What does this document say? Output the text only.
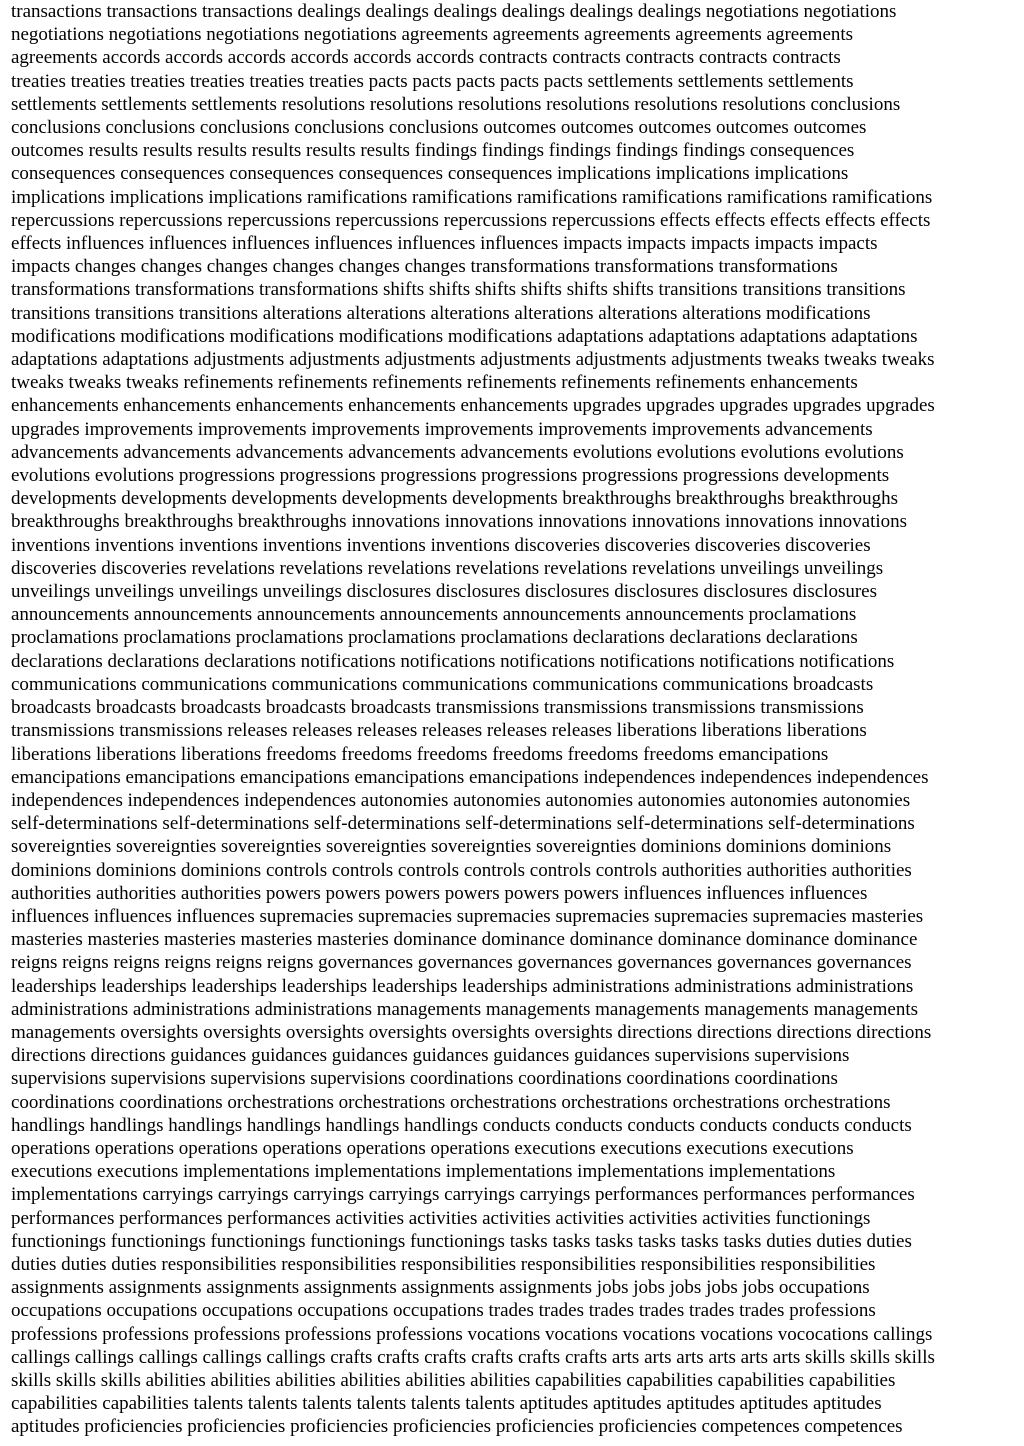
transactions transactions transactions dealings dealings dealings dealings dealings dealings negotiations negotiations
negotiations negotiations negotiations negotiations agreements agreements agreements agreements agreements
agreements accords accords accords accords accords accords contracts contracts contracts contracts contracts
treaties treaties treaties treaties treaties treaties pacts pacts pacts pacts pacts settlements settlements settlements
settlements settlements settlements resolutions resolutions resolutions resolutions resolutions resolutions conclusions
conclusions conclusions conclusions conclusions conclusions outcomes outcomes outcomes outcomes outcomes
outcomes results results results results results results findings findings findings findings findings consequences
consequences consequences consequences consequences consequences implications implications implications
implications implications implications ramifications ramifications ramifications ramifications ramifications ramifications
repercussions repercussions repercussions repercussions repercussions repercussions effects effects effects effects effects
effects influences influences influences influences influences influences impacts impacts impacts impacts impacts
impacts changes changes changes changes changes changes transformations transformations transformations
transformations transformations transformations shifts shifts shifts shifts shifts shifts transitions transitions transitions
transitions transitions transitions alterations alterations alterations alterations alterations alterations modifications
modifications modifications modifications modifications modifications adaptations adaptations adaptations adaptations
adaptations adaptations adjustments adjustments adjustments adjustments adjustments adjustments tweaks tweaks tweaks
tweaks tweaks tweaks refinements refinements refinements refinements refinements refinements enhancements
enhancements enhancements enhancements enhancements enhancements upgrades upgrades upgrades upgrades upgrades
upgrades improvements improvements improvements improvements improvements improvements advancements
advancements advancements advancements advancements advancements evolutions evolutions evolutions evolutions
evolutions evolutions progressions progressions progressions progressions progressions progressions developments
developments developments developments developments developments breakthroughs breakthroughs breakthroughs
breakthroughs breakthroughs breakthroughs innovations innovations innovations innovations innovations innovations
inventions inventions inventions inventions inventions inventions discoveries discoveries discoveries discoveries
discoveries discoveries revelations revelations revelations revelations revelations revelations unveilings unveilings
unveilings unveilings unveilings unveilings disclosures disclosures disclosures disclosures disclosures disclosures
announcements announcements announcements announcements announcements announcements proclamations
proclamations proclamations proclamations proclamations proclamations declarations declarations declarations
declarations declarations declarations notifications notifications notifications notifications notifications notifications
communications communications communications communications communications communications broadcasts
broadcasts broadcasts broadcasts broadcasts broadcasts transmissions transmissions transmissions transmissions
transmissions transmissions releases releases releases releases releases releases liberations liberations liberations
liberations liberations liberations freedoms freedoms freedoms freedoms freedoms freedoms emancipations
emancipations emancipations emancipations emancipations emancipations independences independences independences
independences independences independences autonomies autonomies autonomies autonomies autonomies autonomies
self-determinations self-determinations self-determinations self-determinations self-determinations self-determinations
sovereignties sovereignties sovereignties sovereignties sovereignties sovereignties dominions dominions dominions
dominions dominions dominions controls controls controls controls controls controls authorities authorities authorities
authorities authorities authorities powers powers powers powers powers powers influences influences influences
influences influences influences supremacies supremacies supremacies supremacies supremacies supremacies masteries
masteries masteries masteries masteries masteries dominance dominance dominance dominance dominance dominance
reigns reigns reigns reigns reigns reigns governances governances governances governances governances governances
leaderships leaderships leaderships leaderships leaderships leaderships administrations administrations administrations
administrations administrations administrations managements managements managements managements managements
managements oversights oversights oversights oversights oversights oversights directions directions directions directions
directions directions guidances guidances guidances guidances guidances guidances supervisions supervisions
supervisions supervisions supervisions supervisions coordinations coordinations coordinations coordinations
coordinations coordinations orchestrations orchestrations orchestrations orchestrations orchestrations orchestrations
handlings handlings handlings handlings handlings handlings conducts conducts conducts conducts conducts conducts
operations operations operations operations operations operations executions executions executions executions
executions executions implementations implementations implementations implementations implementations
implementations carryings carryings carryings carryings carryings carryings performances performances performances
performances performances performances activities activities activities activities activities activities functionings
functionings functionings functionings functionings functionings tasks tasks tasks tasks tasks tasks duties duties duties
duties duties duties responsibilities responsibilities responsibilities responsibilities responsibilities responsibilities
assignments assignments assignments assignments assignments assignments jobs jobs jobs jobs jobs occupations
occupations occupations occupations occupations occupations trades trades trades trades trades trades professions
professions professions professions professions professions vocations vocations vocations vocations vococations callings
callings callings callings callings callings crafts crafts crafts crafts crafts crafts arts arts arts arts arts arts skills skills skills
skills skills skills abilities abilities abilities abilities abilities abilities capabilities capabilities capabilities capabilities
capabilities capabilities talents talents talents talents talents talents aptitudes aptitudes aptitudes aptitudes aptitudes
aptitudes proficiencies proficiencies proficiencies proficiencies proficiencies proficiencies competences competences
